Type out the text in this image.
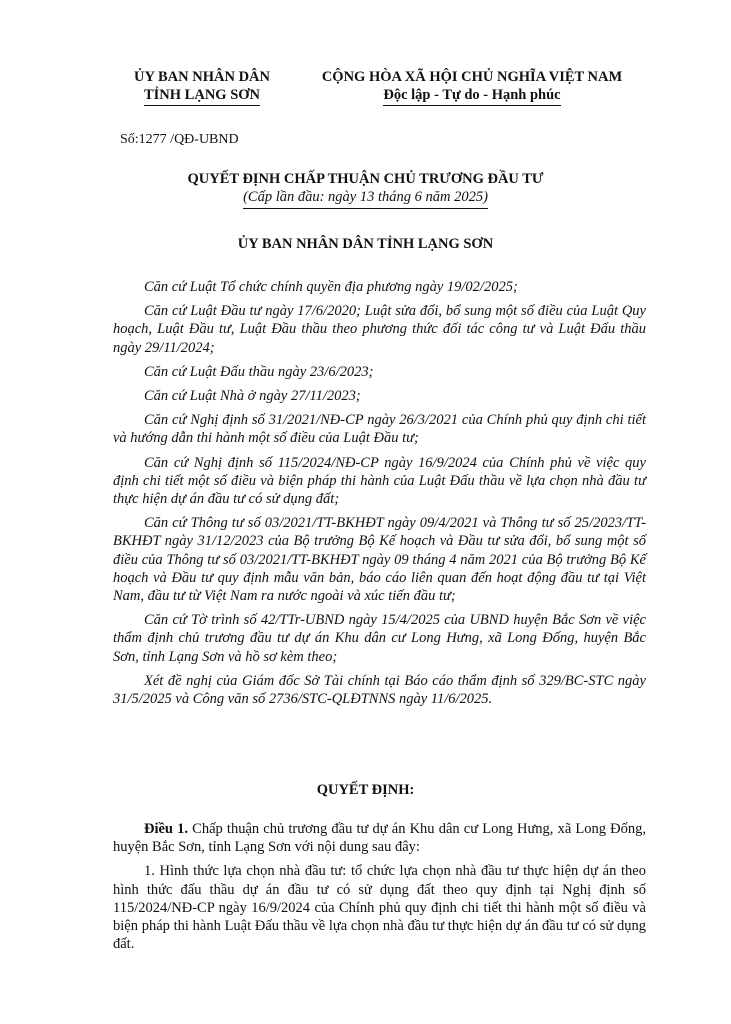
ỦY BAN NHÂN DÂN
TỈNH LẠNG SƠN
CỘNG HÒA XÃ HỘI CHỦ NGHĨA VIỆT NAM
Độc lập - Tự do - Hạnh phúc
Số:1277 /QĐ-UBND
QUYẾT ĐỊNH CHẤP THUẬN CHỦ TRƯƠNG ĐẦU TƯ
(Cấp lần đầu: ngày 13 tháng 6 năm 2025)
ỦY BAN NHÂN DÂN TỈNH LẠNG SƠN

Căn cứ Luật Tổ chức chính quyền địa phương ngày 19/02/2025;

Căn cứ Luật Đầu tư ngày 17/6/2020; Luật sửa đổi, bổ sung một số điều của Luật Quy hoạch, Luật Đầu tư, Luật Đầu thầu theo phương thức đối tác công tư và Luật Đấu thầu ngày 29/11/2024;

Căn cứ Luật Đấu thầu ngày 23/6/2023;

Căn cứ Luật Nhà ở ngày 27/11/2023;

Căn cứ Nghị định số 31/2021/NĐ-CP ngày 26/3/2021 của Chính phủ quy định chi tiết và hướng dẫn thi hành một số điều của Luật Đầu tư;

Căn cứ Nghị định số 115/2024/NĐ-CP ngày 16/9/2024 của Chính phủ về việc quy định chi tiết một số điều và biện pháp thi hành của Luật Đấu thầu về lựa chọn nhà đầu tư thực hiện dự án đầu tư có sử dụng đất;

Căn cứ Thông tư số 03/2021/TT-BKHĐT ngày 09/4/2021 và Thông tư số 25/2023/TT-BKHĐT ngày 31/12/2023 của Bộ trưởng Bộ Kế hoạch và Đầu tư sửa đổi, bổ sung một số điều của Thông tư số 03/2021/TT-BKHĐT ngày 09 tháng 4 năm 2021 của Bộ trưởng Bộ Kế hoạch và Đầu tư quy định mẫu văn bản, báo cáo liên quan đến hoạt động đầu tư tại Việt Nam, đầu tư từ Việt Nam ra nước ngoài và xúc tiến đầu tư;

Căn cứ Tờ trình số 42/TTr-UBND ngày 15/4/2025 của UBND huyện Bắc Sơn về việc thẩm định chủ trương đầu tư dự án Khu dân cư Long Hưng, xã Long Đống, huyện Bắc Sơn, tỉnh Lạng Sơn và hồ sơ kèm theo;

Xét đề nghị của Giám đốc Sở Tài chính tại Báo cáo thẩm định số 329/BC-STC ngày 31/5/2025 và Công văn số 2736/STC-QLĐTNNS ngày 11/6/2025.

QUYẾT ĐỊNH:

Điều 1. Chấp thuận chủ trương đầu tư dự án Khu dân cư Long Hưng, xã Long Đống, huyện Bắc Sơn, tỉnh Lạng Sơn với nội dung sau đây:

1. Hình thức lựa chọn nhà đầu tư: tổ chức lựa chọn nhà đầu tư thực hiện dự án theo hình thức đấu thầu dự án đầu tư có sử dụng đất theo quy định tại Nghị định số 115/2024/NĐ-CP ngày 16/9/2024 của Chính phủ quy định chi tiết thi hành một số điều và biện pháp thi hành Luật Đấu thầu về lựa chọn nhà đầu tư thực hiện dự án đầu tư có sử dụng đất.
